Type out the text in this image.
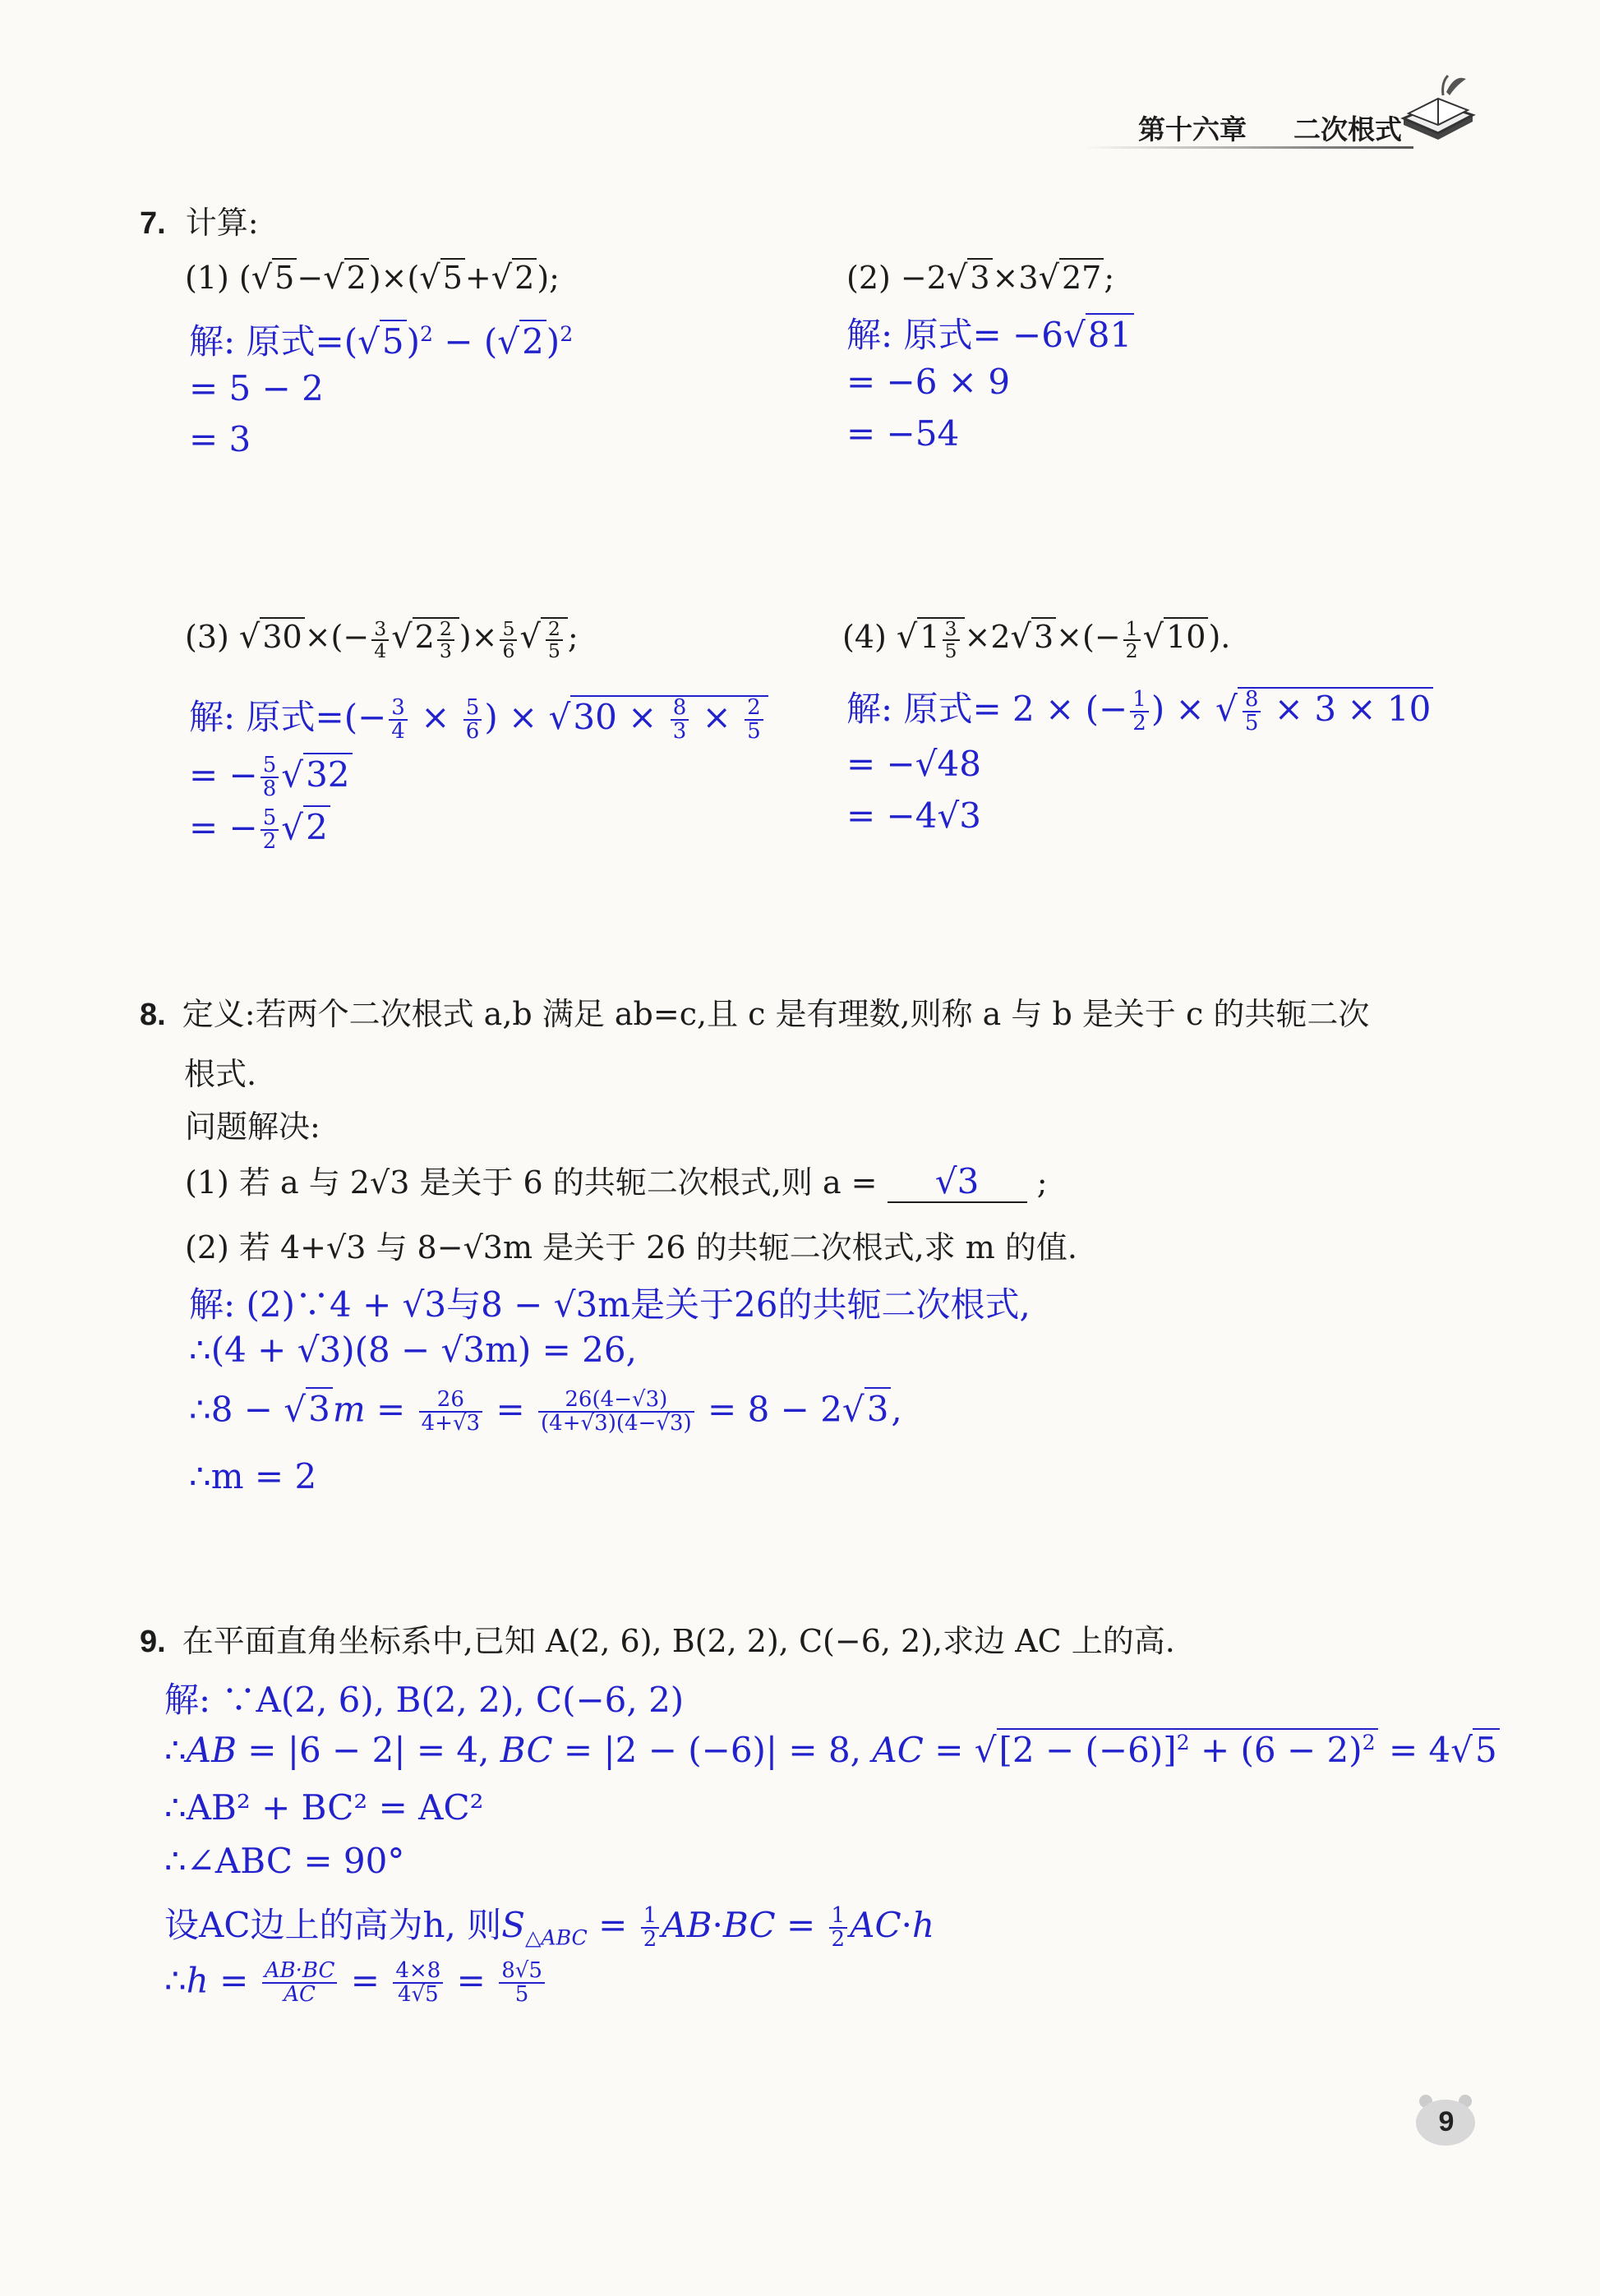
第十六章 二次根式
7. 计算:
(1) (√5−√2)×(√5+√2);
解: 原式$=(√5)^2 - (√2)^2$
= 5 − 2
= 3
(2) −2√3×3√27;
解: 原式= −6√81
= −6 × 9
= −54
(3) $√30\times(- \frac{3}{4} √2 \frac{2}{3}$ )× $\frac{5}{6}$ √ $\frac{2}{5}$ ;
解: 原式=(− $\frac{3}{4} \times \frac{5}{6}$ ) × $√30 \times \frac{8}{3} \times \frac{2}{5}$
= − $\frac{5}{8} √32$
= − $\frac{5}{2} √2$
(4) $√1 \frac{3}{5} \times 2√3\times(- \frac{1}{2} √10)$.
解: 原式= 2 × (− $\frac{1}{2}$ ) × √ $\frac{8}{5} \times 3 \times 10$
= −√48
= −4√3
8. 定义:若两个二次根式 a,b 满足 ab=c,且 c 是有理数,则称 a 与 b 是关于 c 的共轭二次
根式.
问题解决:
(1) 若 a 与 2√3 是关于 6 的共轭二次根式,则 a = √3 ;
(2) 若 4+√3 与 8−√3m 是关于 26 的共轭二次根式,求 m 的值.
解: (2)∵4 + √3与8 − √3m是关于26的共轭二次根式,
∴(4 + √3)(8 − √3m) = 26,
∴8 − $√3m = \frac{26}{4+√3} = \frac{26(4-√3)}{(4+√3)(4-√3)} = 8 - 2√3$,
∴m = 2
9. 在平面直角坐标系中,已知 A(2, 6), B(2, 2), C(−6, 2),求边 AC 上的高.
解: ∵A(2, 6), B(2, 2), C(−6, 2)
∴AB = |6 − 2| = 4, BC = |2 − (−6)| = 8, AC = $√[2 - (-6)]^2 + (6 - 2)^2 = 4√5$
∴AB² + BC² = AC²
∴∠ABC = 90°
设AC边上的高为h, 则$S_{\triangle ABC} = \frac{1}{2} AB\cdot BC = \frac{1}{2} AC\cdot h$
∴h = $\frac{AB\cdot BC}{AC} = \frac{4\times 8}{4√5} = \frac{8√5}{5}$
9
